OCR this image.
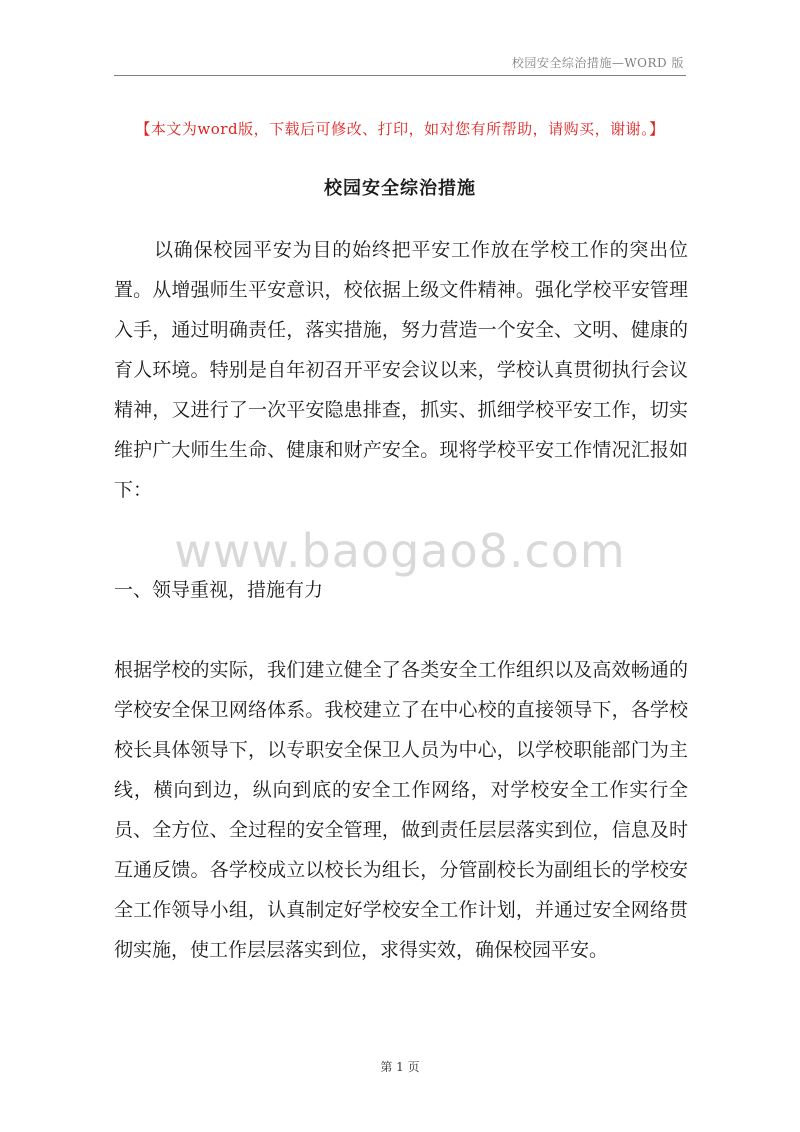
校园安全综治措施—WORD 版
【本文为word版，下载后可修改、打印，如对您有所帮助，请购买，谢谢。】
校园安全综治措施
以确保校园平安为目的始终把平安工作放在学校工作的突出位置。从增强师生平安意识，校依据上级文件精神。强化学校平安管理入手，通过明确责任，落实措施，努力营造一个安全、文明、健康的育人环境。特别是自年初召开平安会议以来，学校认真贯彻执行会议精神，又进行了一次平安隐患排查，抓实、抓细学校平安工作，切实维护广大师生生命、健康和财产安全。现将学校平安工作情况汇报如下：
www.baogao8.com
一、领导重视，措施有力
根据学校的实际，我们建立健全了各类安全工作组织以及高效畅通的学校安全保卫网络体系。我校建立了在中心校的直接领导下，各学校校长具体领导下，以专职安全保卫人员为中心，以学校职能部门为主线，横向到边，纵向到底的安全工作网络，对学校安全工作实行全员、全方位、全过程的安全管理，做到责任层层落实到位，信息及时互通反馈。各学校成立以校长为组长，分管副校长为副组长的学校安全工作领导小组，认真制定好学校安全工作计划，并通过安全网络贯彻实施，使工作层层落实到位，求得实效，确保校园平安。
第 1 页
